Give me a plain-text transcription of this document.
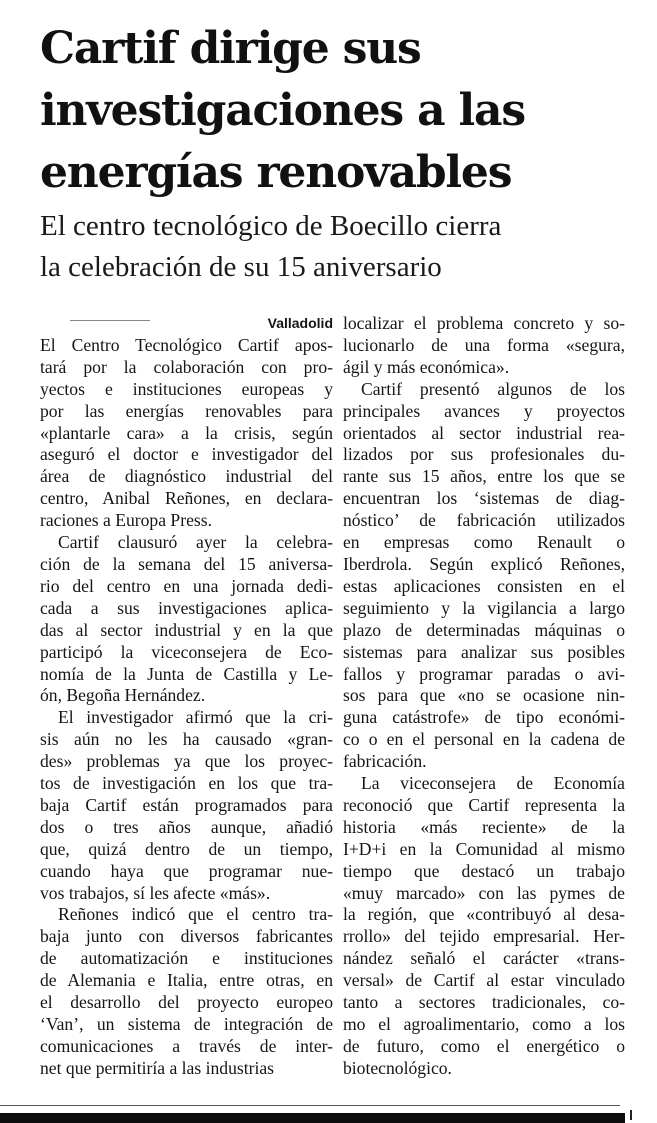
Cartif dirige sus
investigaciones a las
energías renovables
El centro tecnológico de Boecillo cierra
la celebración de su 15 aniversario

Valladolid

El Centro Tecnológico Cartif apos-
tará por la colaboración con pro-
yectos e instituciones europeas y
por las energías renovables para
«plantarle cara» a la crisis, según
aseguró el doctor e investigador del
área de diagnóstico industrial del
centro, Anibal Reñones, en declara-
raciones a Europa Press.
Cartif clausuró ayer la celebra-
ción de la semana del 15 aniversa-
rio del centro en una jornada dedi-
cada a sus investigaciones aplica-
das al sector industrial y en la que
participó la viceconsejera de Eco-
nomía de la Junta de Castilla y Le-
ón, Begoña Hernández.
El investigador afirmó que la cri-
sis aún no les ha causado «gran-
des» problemas ya que los proyec-
tos de investigación en los que tra-
baja Cartif están programados para
dos o tres años aunque, añadió
que, quizá dentro de un tiempo,
cuando haya que programar nue-
vos trabajos, sí les afecte «más».
Reñones indicó que el centro tra-
baja junto con diversos fabricantes
de automatización e instituciones
de Alemania e Italia, entre otras, en
el desarrollo del proyecto europeo
‘Van’, un sistema de integración de
comunicaciones a través de inter-
net que permitiría a las industrias
localizar el problema concreto y so-
lucionarlo de una forma «segura,
ágil y más económica».
Cartif presentó algunos de los
principales avances y proyectos
orientados al sector industrial rea-
lizados por sus profesionales du-
rante sus 15 años, entre los que se
encuentran los ‘sistemas de diag-
nóstico’ de fabricación utilizados
en empresas como Renault o
Iberdrola. Según explicó Reñones,
estas aplicaciones consisten en el
seguimiento y la vigilancia a largo
plazo de determinadas máquinas o
sistemas para analizar sus posibles
fallos y programar paradas o avi-
sos para que «no se ocasione nin-
guna catástrofe» de tipo económi-
co o en el personal en la cadena de
fabricación.
La viceconsejera de Economía
reconoció que Cartif representa la
historia «más reciente» de la
I+D+i en la Comunidad al mismo
tiempo que destacó un trabajo
«muy marcado» con las pymes de
la región, que «contribuyó al desa-
rrollo» del tejido empresarial. Her-
nández señaló el carácter «trans-
versal» de Cartif al estar vinculado
tanto a sectores tradicionales, co-
mo el agroalimentario, como a los
de futuro, como el energético o
biotecnológico.
